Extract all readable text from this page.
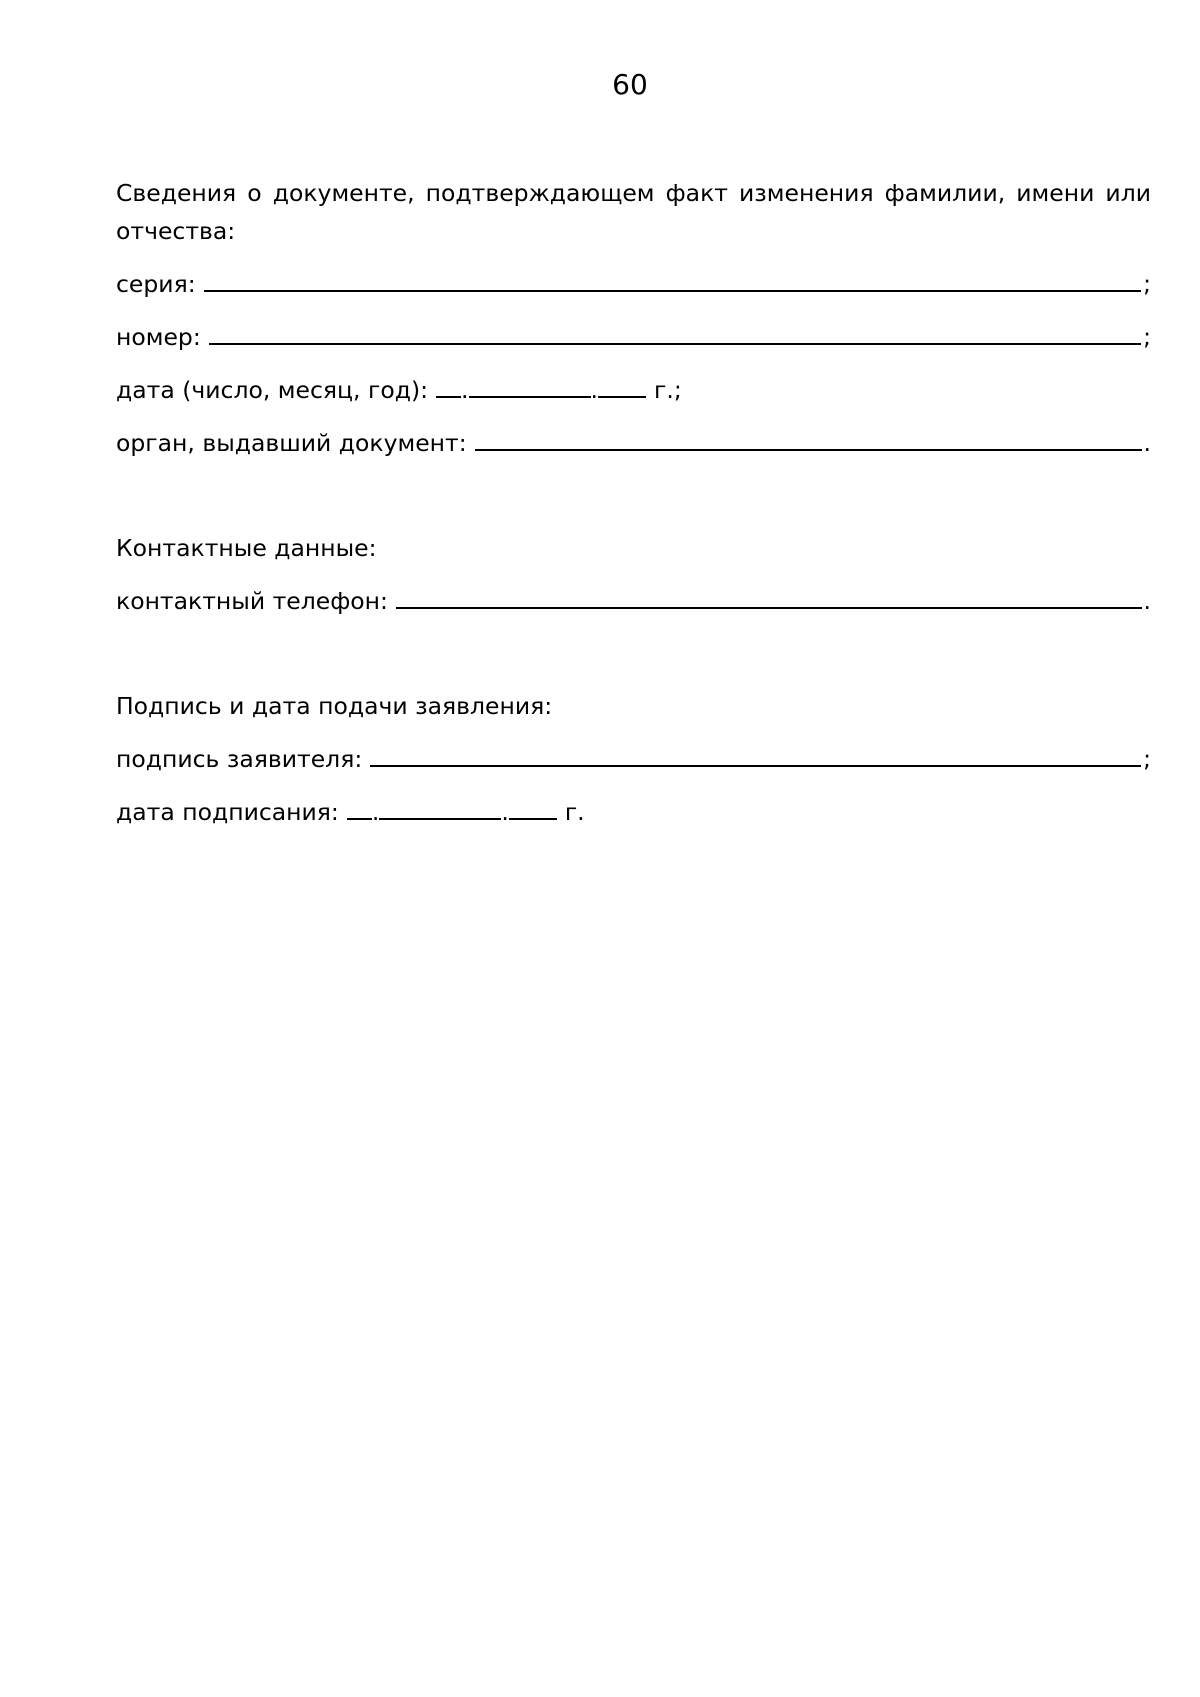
60

Сведения о документе, подтверждающем факт изменения фамилии, имени или отчества:

серия:	;
номер:	;
дата (число, месяц, год): .	. г.;
орган, выдавший документ:	.
Контактные данные:
контактный телефон:	.
Подпись и дата подачи заявления:
подпись заявителя:	;
дата подписания: .	. г.
